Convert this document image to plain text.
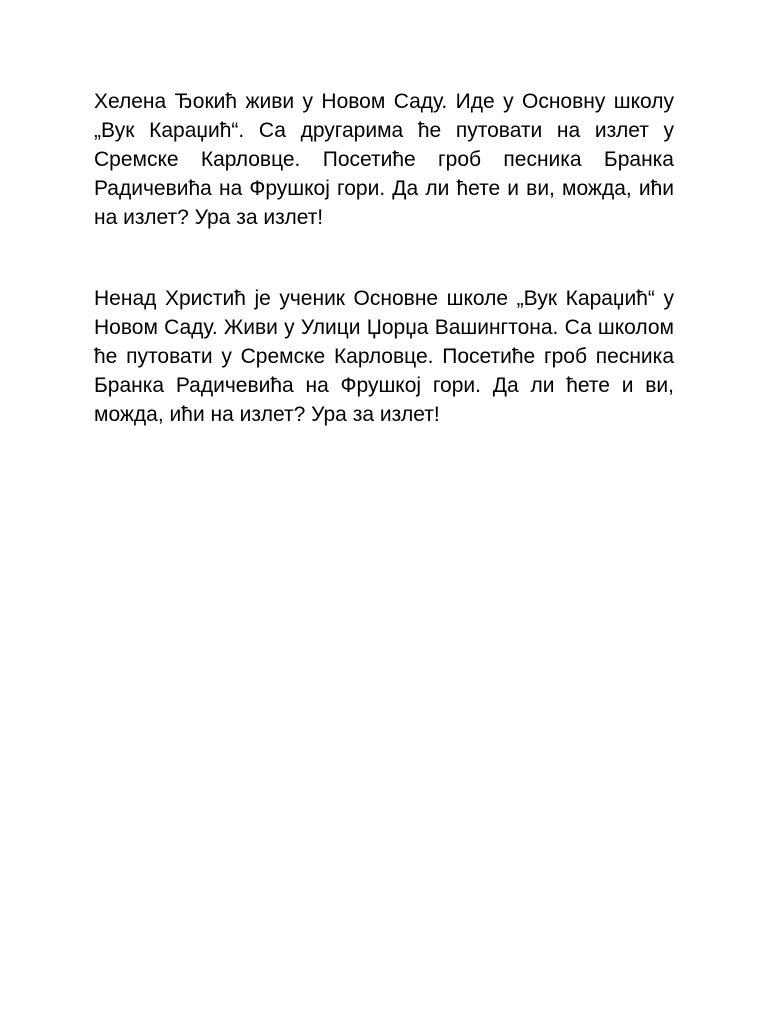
Хелена Ђокић живи у Новом Саду. Иде у Основну школу „Вук Караџић“. Са другарима ће путовати на излет у Сремске Карловце. Посетиће гроб песника Бранка Радичевића на Фрушкој гори. Да ли ћете и ви, можда, ићи на излет? Ура за излет!

Ненад Христић је ученик Основне школе „Вук Караџић“ у Новом Саду. Живи у Улици Џорџа Вашингтона. Са школом ће путовати у Сремске Карловце. Посетиће гроб песника Бранка Радичевића на Фрушкој гори. Да ли ћете и ви, можда, ићи на излет? Ура за излет!
